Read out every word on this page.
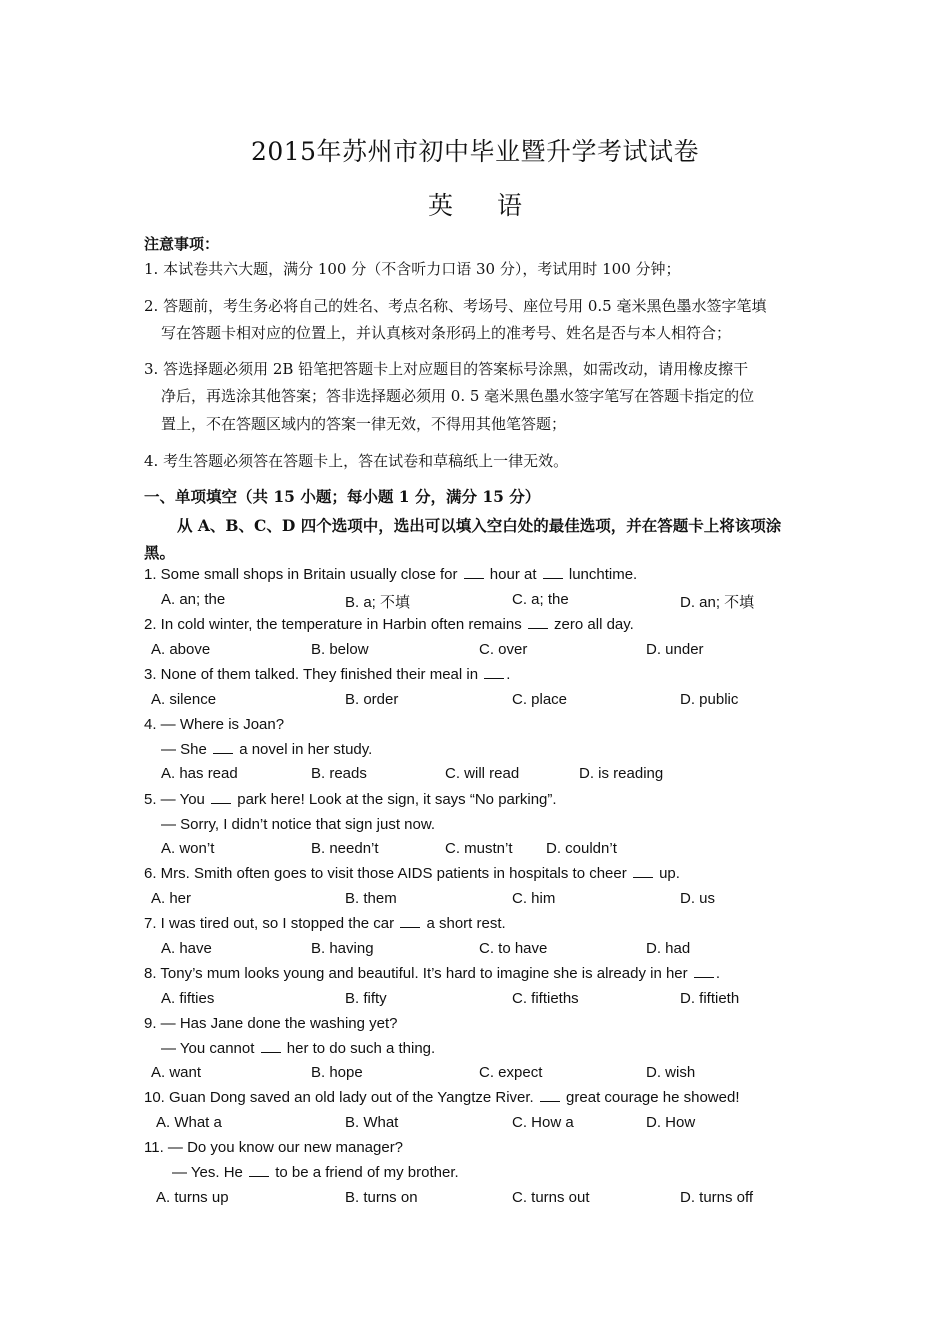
2015年苏州市初中毕业暨升学考试试卷
英 语
注意事项：
1. 本试卷共六大题，满分 100 分（不含听力口语 30 分），考试用时 100 分钟；
2. 答题前，考生务必将自己的姓名、考点名称、考场号、座位号用 0.5 毫米黑色墨水签字笔填
写在答题卡相对应的位置上，并认真核对条形码上的准考号、姓名是否与本人相符合；
3. 答选择题必须用 2B 铅笔把答题卡上对应题目的答案标号涂黑，如需改动，请用橡皮擦干
净后，再选涂其他答案；答非选择题必须用 0. 5 毫米黑色墨水签字笔写在答题卡指定的位
置上，不在答题区域内的答案一律无效，不得用其他笔答题；
4. 考生答题必须答在答题卡上，答在试卷和草稿纸上一律无效。
一、单项填空（共 15 小题；每小题 1 分，满分 15 分）
从 A、B、C、D 四个选项中，选出可以填入空白处的最佳选项，并在答题卡上将该项涂黑。
1. Some small shops in Britain usually close for  hour at  lunchtime.
A. an; the	B. a; 不填	C. a; the	D. an; 不填
2. In cold winter, the temperature in Harbin often remains  zero all day.
A. above	B. below	C. over	D. under
3. None of them talked. They finished their meal in .
A. silence	B. order	C. place	D. public
4. — Where is Joan?
— She  a novel in her study.
A. has read	B. reads	C. will read	D. is reading
5. — You  park here! Look at the sign, it says “No parking”.
— Sorry, I didn’t notice that sign just now.
A. won’t	B. needn’t	C. mustn’t D. couldn’t
6. Mrs. Smith often goes to visit those AIDS patients in hospitals to cheer  up.
A. her	B. them	C. him	D. us
7. I was tired out, so I stopped the car  a short rest.
A. have	B. having	C. to have	D. had
8. Tony’s mum looks young and beautiful. It’s hard to imagine she is already in her .
A. fifties	B. fifty	C. fiftieths	D. fiftieth
9. — Has Jane done the washing yet?
— You cannot  her to do such a thing.
A. want	B. hope	C. expect	D. wish
10. Guan Dong saved an old lady out of the Yangtze River.  great courage he showed!
A. What a	B. What	C. How a	D. How
11. — Do you know our new manager?
— Yes. He  to be a friend of my brother.
A. turns up	B. turns on	C. turns out	D. turns off
